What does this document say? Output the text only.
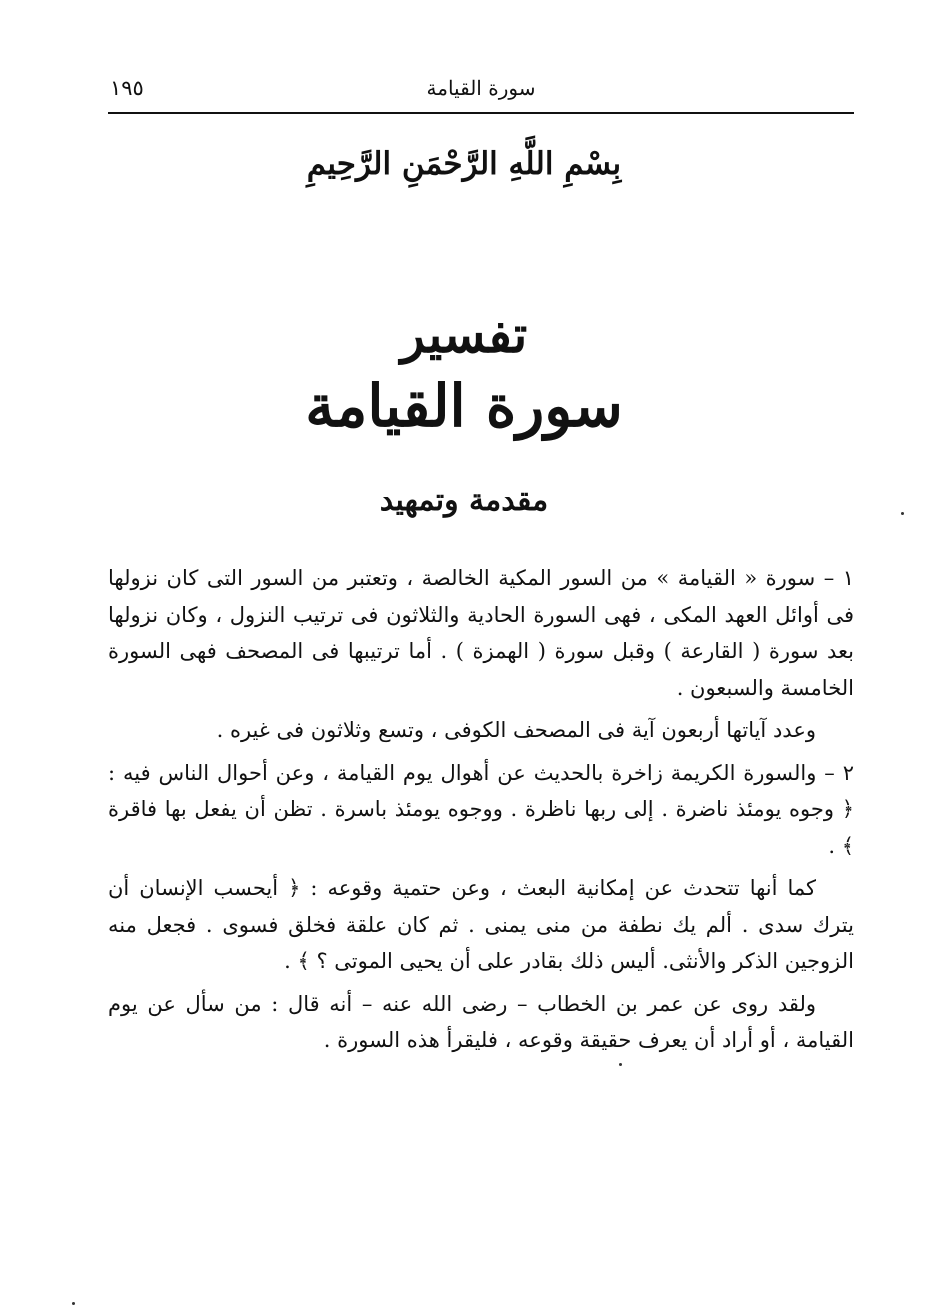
سورة القيامة
١٩٥
بِسْمِ اللَّهِ الرَّحْمَنِ الرَّحِيمِ
تفسير
سورة القيامة
مقدمة وتمهيد

١ – سورة « القيامة » من السور المكية الخالصة ، وتعتبر من السور التى كان نزولها فى أوائل العهد المكى ، فهى السورة الحادية والثلاثون فى ترتيب النزول ، وكان نزولها بعد سورة ( القارعة ) وقبل سورة ( الهمزة ) . أما ترتيبها فى المصحف فهى السورة الخامسة والسبعون .

وعدد آياتها أربعون آية فى المصحف الكوفى ، وتسع وثلاثون فى غيره .

٢ – والسورة الكريمة زاخرة بالحديث عن أهوال يوم القيامة ، وعن أحوال الناس فيه : ﴿ وجوه يومئذ ناضرة . إلى ربها ناظرة . ووجوه يومئذ باسرة . تظن أن يفعل بها فاقرة ﴾ .

كما أنها تتحدث عن إمكانية البعث ، وعن حتمية وقوعه : ﴿ أيحسب الإنسان أن يترك سدى . ألم يك نطفة من منى يمنى . ثم كان علقة فخلق فسوى . فجعل منه الزوجين الذكر والأنثى. أليس ذلك بقادر على أن يحيى الموتى ؟ ﴾ .

ولقد روى عن عمر بن الخطاب – رضى الله عنه – أنه قال : من سأل عن يوم القيامة ، أو أراد أن يعرف حقيقة وقوعه ، فليقرأ هذه السورة .
